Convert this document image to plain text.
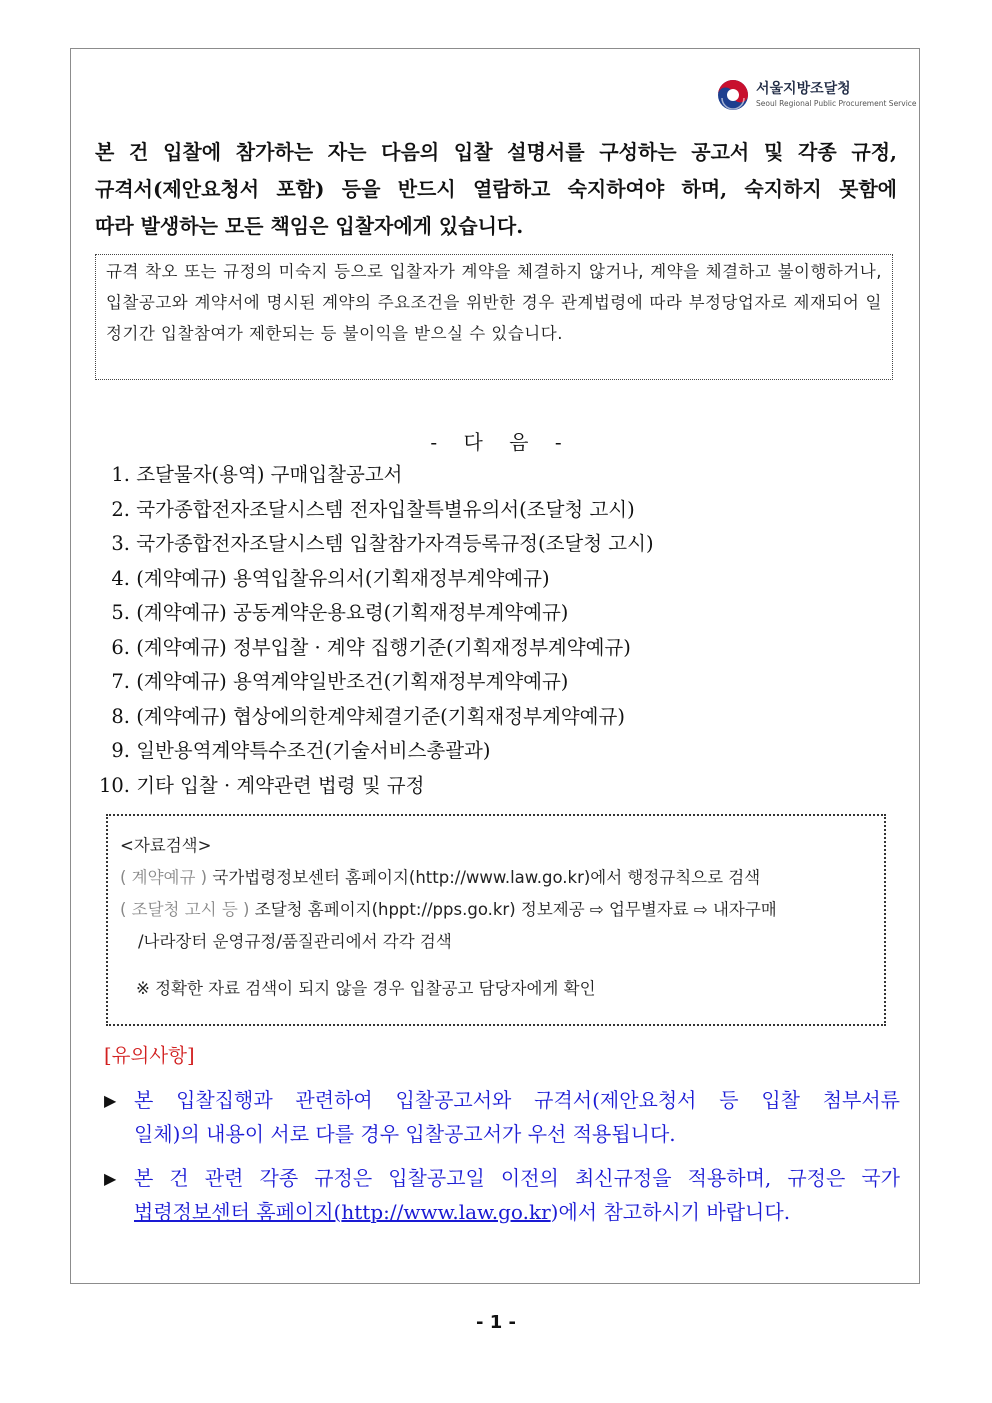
서울지방조달청
Seoul Regional Public Procurement Service
본 건 입찰에 참가하는 자는 다음의 입찰 설명서를 구성하는 공고서 및 각종 규정,
규격서(제안요청서 포함) 등을 반드시 열람하고 숙지하여야 하며, 숙지하지 못함에
따라 발생하는 모든 책임은 입찰자에게 있습니다.
규격 착오 또는 규정의 미숙지 등으로 입찰자가 계약을 체결하지 않거나, 계약을 체결하고 불이행하거나, 입찰공고와 계약서에 명시된 계약의 주요조건을 위반한 경우 관계법령에 따라 부정당업자로 제재되어 일정기간 입찰참여가 제한되는 등 불이익을 받으실 수 있습니다.
- 다 음 -
1.
조달물자(용역) 구매입찰공고서
2.
국가종합전자조달시스템 전자입찰특별유의서(조달청 고시)
3.
국가종합전자조달시스템 입찰참가자격등록규정(조달청 고시)
4.
(계약예규) 용역입찰유의서(기획재정부계약예규)
5.
(계약예규) 공동계약운용요령(기획재정부계약예규)
6.
(계약예규) 정부입찰 · 계약 집행기준(기획재정부계약예규)
7.
(계약예규) 용역계약일반조건(기획재정부계약예규)
8.
(계약예규) 협상에의한계약체결기준(기획재정부계약예규)
9.
일반용역계약특수조건(기술서비스총괄과)
10.
기타 입찰 · 계약관련 법령 및 규정
<자료검색>
( 계약예규 ) 국가법령정보센터 홈페이지(http://www.law.go.kr)에서 행정규칙으로 검색
( 조달청 고시 등 ) 조달청 홈페이지(hppt://pps.go.kr) 정보제공 ⇨ 업무별자료 ⇨ 내자구매
/나라장터 운영규정/품질관리에서 각각 검색
※ 정확한 자료 검색이 되지 않을 경우 입찰공고 담당자에게 확인
[유의사항]
▶ 본 입찰집행과 관련하여 입찰공고서와 규격서(제안요청서 등 입찰 첨부서류
일체)의 내용이 서로 다를 경우 입찰공고서가 우선 적용됩니다.
▶ 본 건 관련 각종 규정은 입찰공고일 이전의 최신규정을 적용하며, 규정은 국가
법령정보센터 홈페이지(http://www.law.go.kr)에서 참고하시기 바랍니다.
- 1 -
